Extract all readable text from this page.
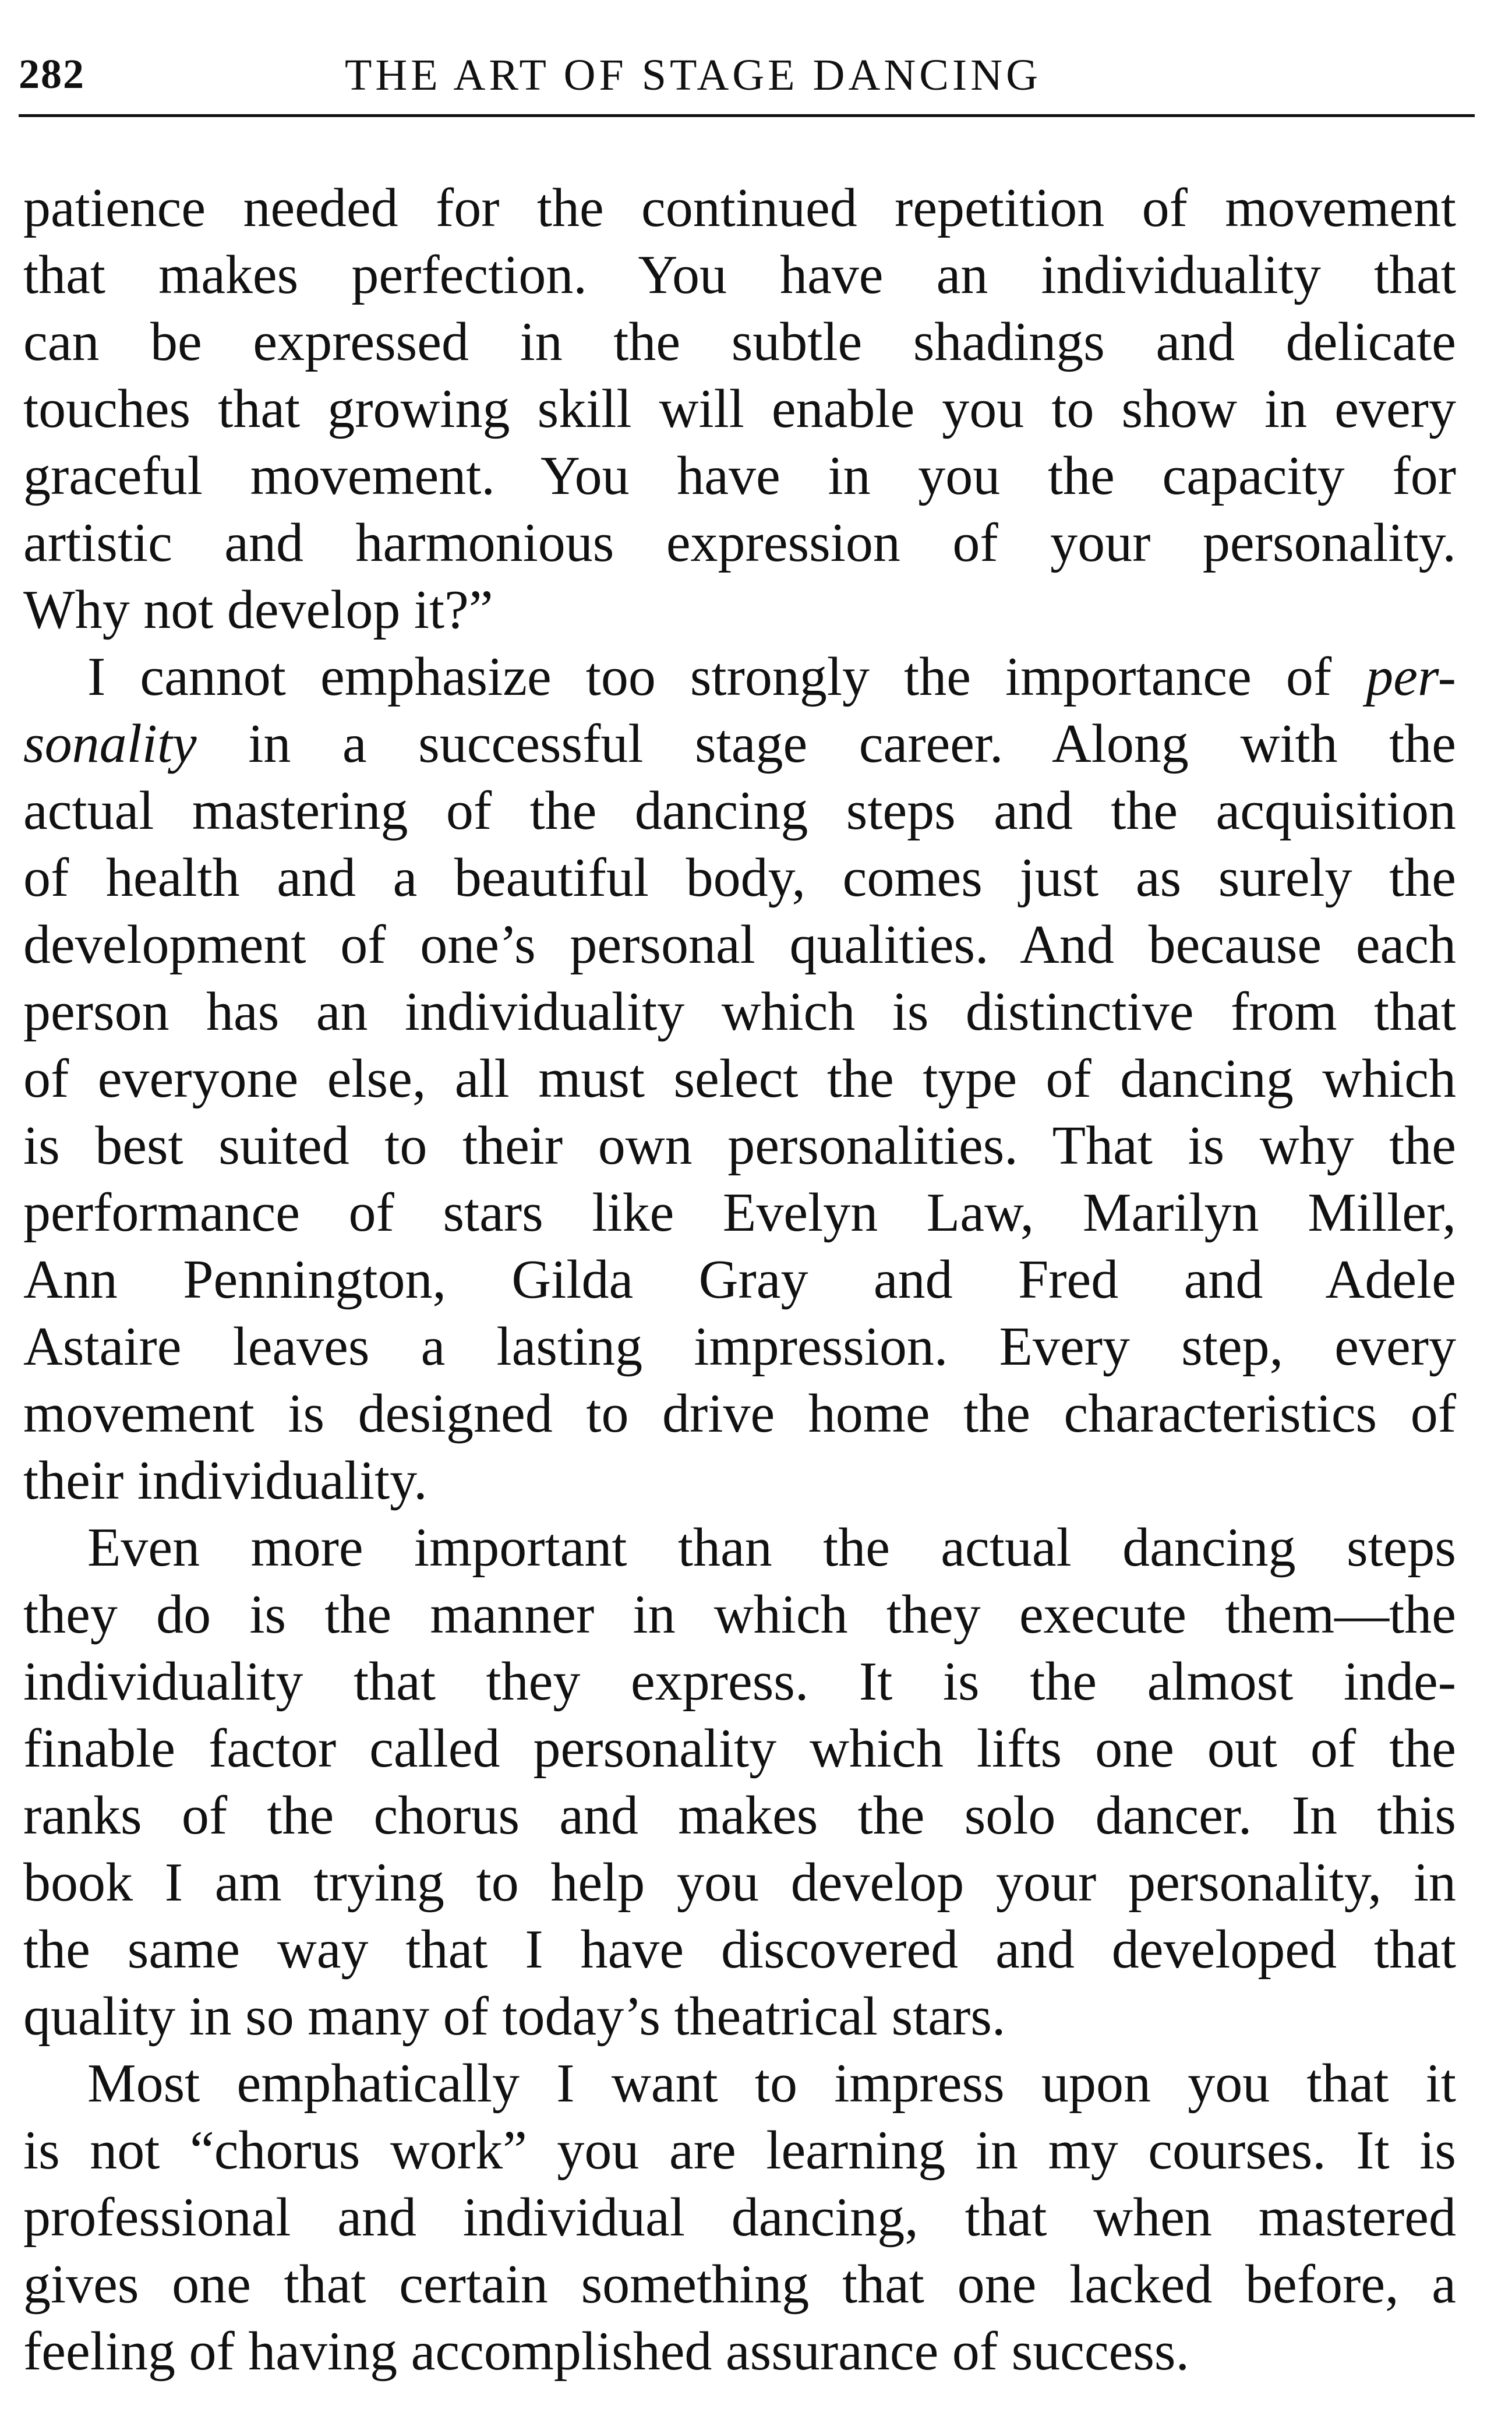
282	THE ART OF STAGE DANCING
patience needed for the continued repetition of movement
that makes perfection. You have an individuality that
can be expressed in the subtle shadings and delicate
touches that growing skill will enable you to show in every
graceful movement. You have in you the capacity for
artistic and harmonious expression of your personality.
Why not develop it?”
I cannot emphasize too strongly the importance of per-
sonality in a successful stage career. Along with the
actual mastering of the dancing steps and the acquisition
of health and a beautiful body, comes just as surely the
development of one’s personal qualities. And because each
person has an individuality which is distinctive from that
of everyone else, all must select the type of dancing which
is best suited to their own personalities. That is why the
performance of stars like Evelyn Law, Marilyn Miller,
Ann Pennington, Gilda Gray and Fred and Adele
Astaire leaves a lasting impression. Every step, every
movement is designed to drive home the characteristics of
their individuality.
Even more important than the actual dancing steps
they do is the manner in which they execute them—the
individuality that they express. It is the almost inde-
finable factor called personality which lifts one out of the
ranks of the chorus and makes the solo dancer. In this
book I am trying to help you develop your personality, in
the same way that I have discovered and developed that
quality in so many of today’s theatrical stars.
Most emphatically I want to impress upon you that it
is not “chorus work” you are learning in my courses. It is
professional and individual dancing, that when mastered
gives one that certain something that one lacked before, a
feeling of having accomplished assurance of success.
